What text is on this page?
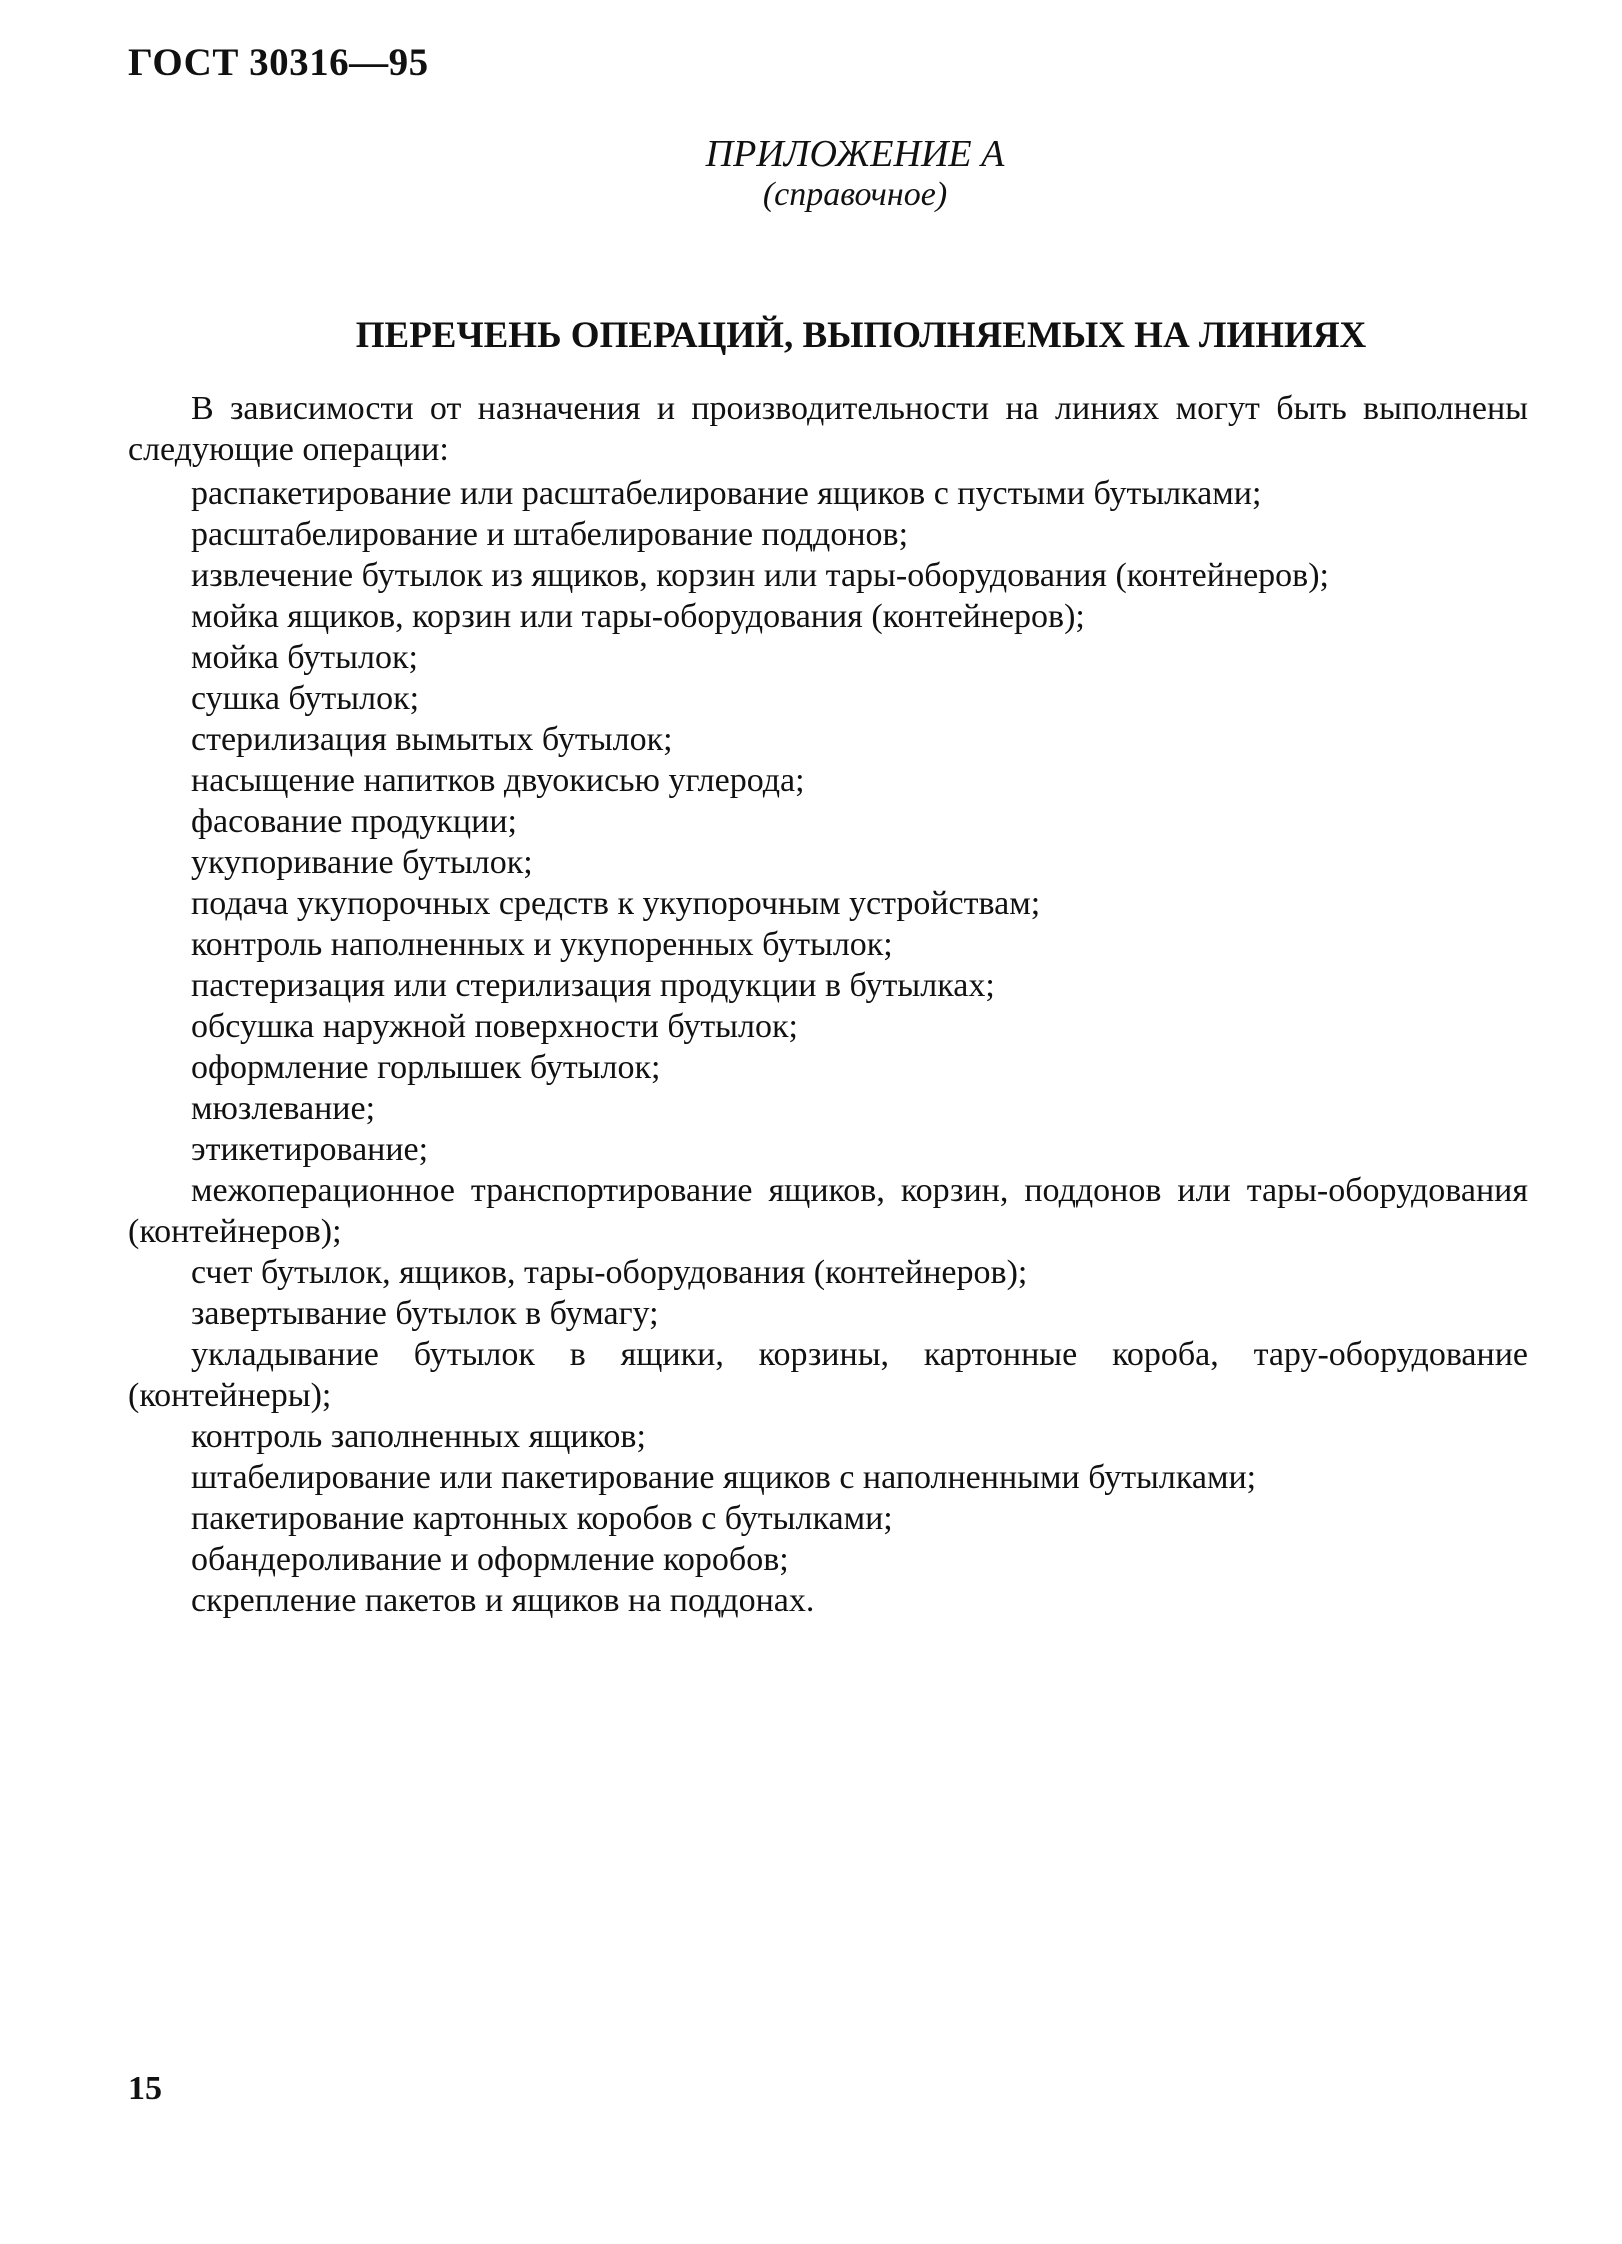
ГОСТ 30316—95
ПРИЛОЖЕНИЕ А
(справочное)
ПЕРЕЧЕНЬ ОПЕРАЦИЙ, ВЫПОЛНЯЕМЫХ НА ЛИНИЯХ

В зависимости от назначения и производительности на линиях могут быть выполнены следующие операции:

распакетирование или расштабелирование ящиков с пустыми бутылками;
расштабелирование и штабелирование поддонов;
извлечение бутылок из ящиков, корзин или тары-оборудования (контейнеров);
мойка ящиков, корзин или тары-оборудования (контейнеров);
мойка бутылок;
сушка бутылок;
стерилизация вымытых бутылок;
насыщение напитков двуокисью углерода;
фасование продукции;
укупоривание бутылок;
подача укупорочных средств к укупорочным устройствам;
контроль наполненных и укупоренных бутылок;
пастеризация или стерилизация продукции в бутылках;
обсушка наружной поверхности бутылок;
оформление горлышек бутылок;
мюзлевание;
этикетирование;
межоперационное транспортирование ящиков, корзин, поддонов или тары-оборудования (контейнеров);
счет бутылок, ящиков, тары-оборудования (контейнеров);
завертывание бутылок в бумагу;
укладывание бутылок в ящики, корзины, картонные короба, тару-оборудование (контейнеры);
контроль заполненных ящиков;
штабелирование или пакетирование ящиков с наполненными бутылками;
пакетирование картонных коробов с бутылками;
обандероливание и оформление коробов;
скрепление пакетов и ящиков на поддонах.
15
